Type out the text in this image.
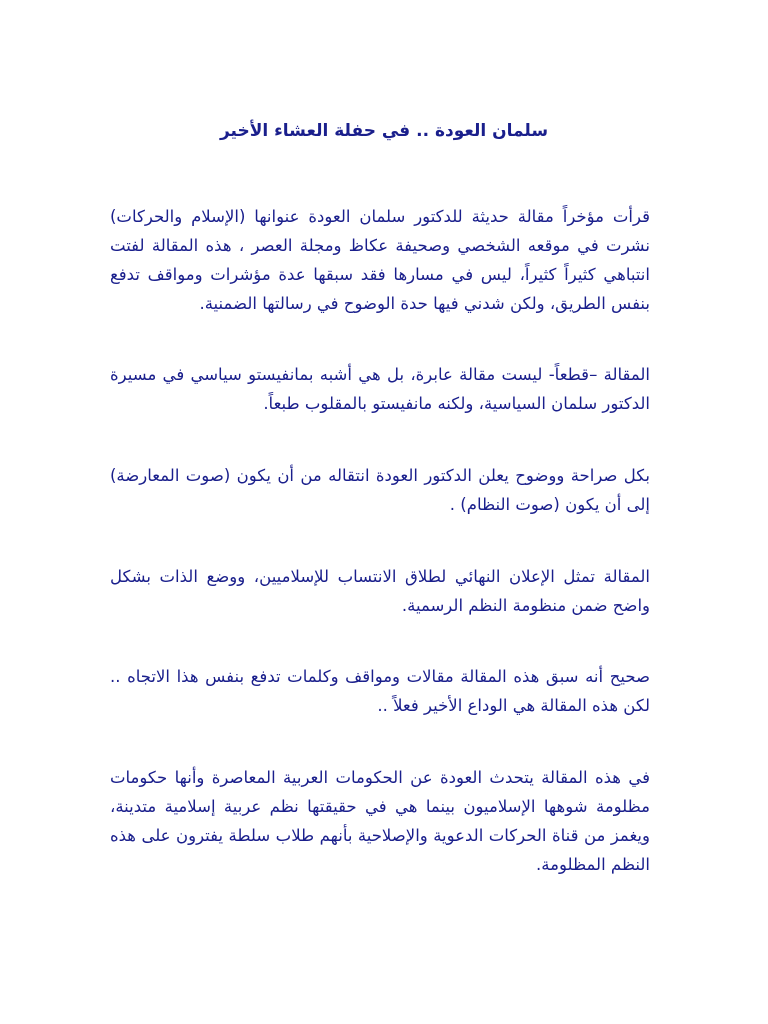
سلمان العودة .. في حفلة العشاء الأخير

قرأت مؤخراً مقالة حديثة للدكتور سلمان العودة عنوانها (الإسلام والحركات) نشرت في موقعه الشخصي وصحيفة عكاظ ومجلة العصر ، هذه المقالة لفتت انتباهي كثيراً كثيراً، ليس في مسارها فقد سبقها عدة مؤشرات ومواقف تدفع بنفس الطريق، ولكن شدني فيها حدة الوضوح في رسالتها الضمنية.

المقالة –قطعاً- ليست مقالة عابرة، بل هي أشبه بمانفيستو سياسي في مسيرة الدكتور سلمان السياسية، ولكنه مانفيستو بالمقلوب طبعاً.

بكل صراحة ووضوح يعلن الدكتور العودة انتقاله من أن يكون (صوت المعارضة) إلى أن يكون (صوت النظام) .

المقالة تمثل الإعلان النهائي لطلاق الانتساب للإسلاميين، ووضع الذات بشكل واضح ضمن منظومة النظم الرسمية.

صحيح أنه سبق هذه المقالة مقالات ومواقف وكلمات تدفع بنفس هذا الاتجاه .. لكن هذه المقالة هي الوداع الأخير فعلاً ..

في هذه المقالة يتحدث العودة عن الحكومات العربية المعاصرة وأنها حكومات مظلومة شوهها الإسلاميون بينما هي في حقيقتها نظم عربية إسلامية متدينة، ويغمز من قناة الحركات الدعوية والإصلاحية بأنهم طلاب سلطة يفترون على هذه النظم المظلومة.
